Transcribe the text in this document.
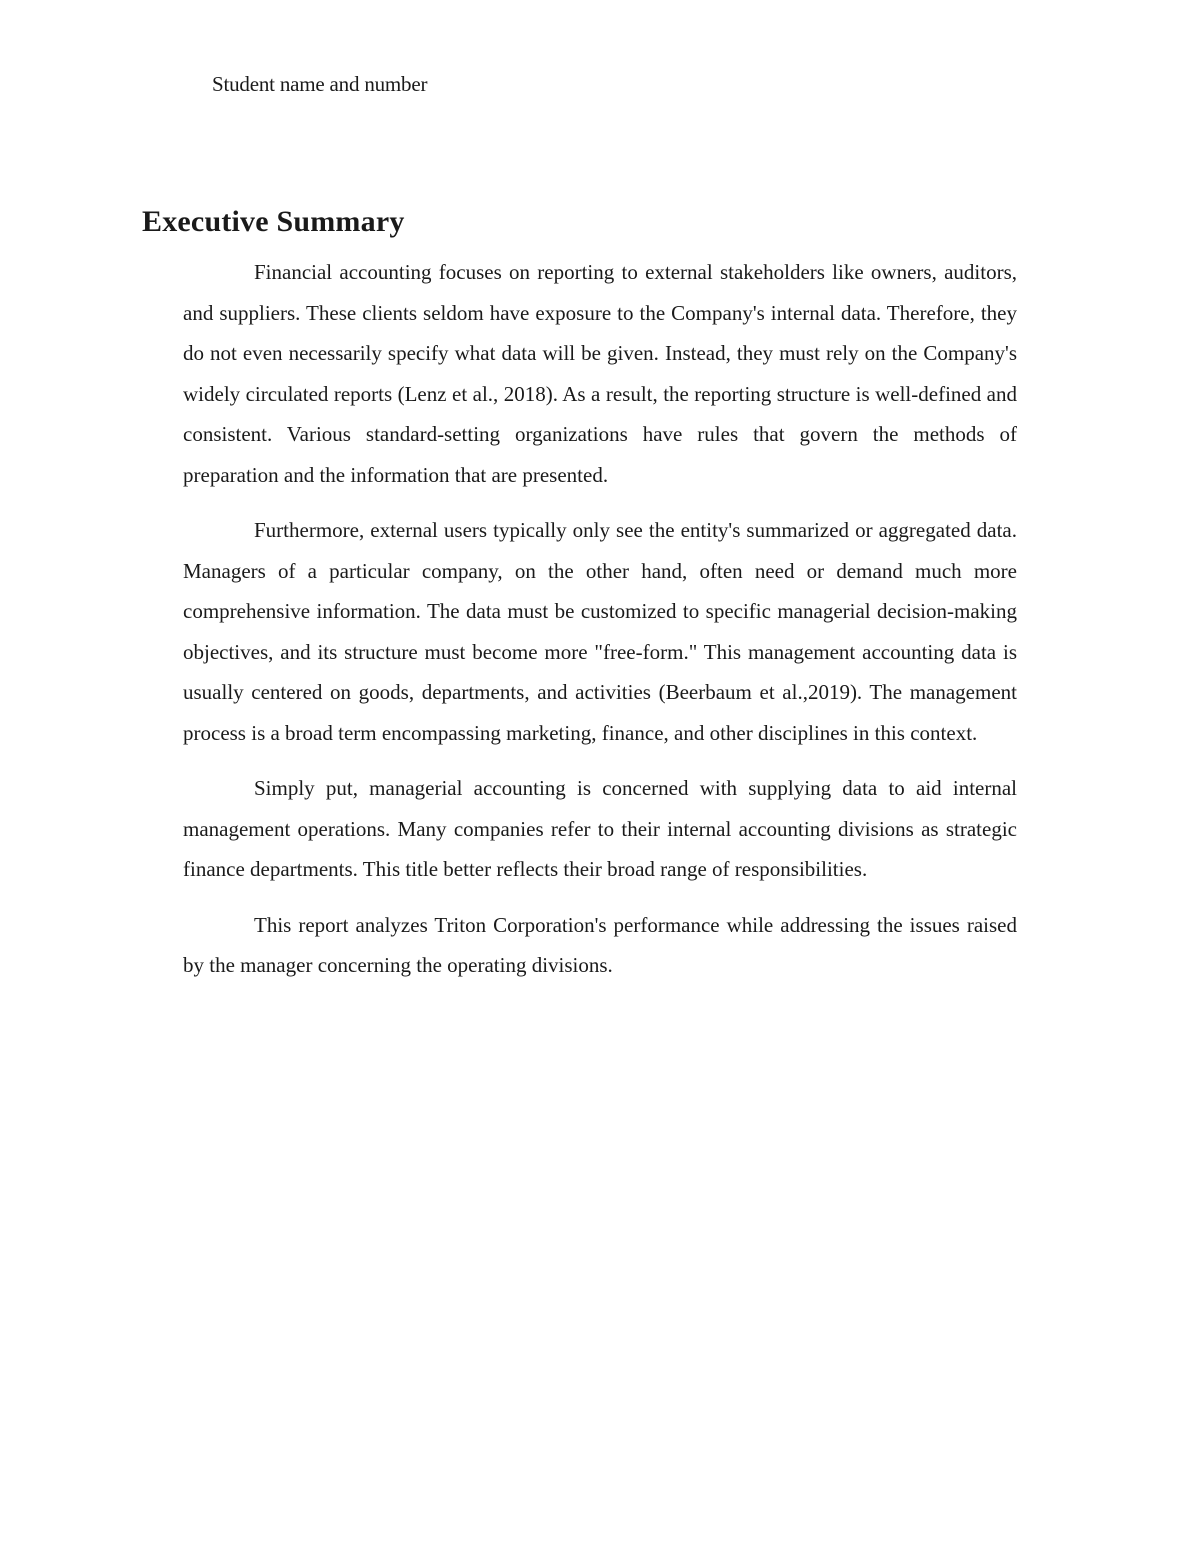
Student name and number
Executive Summary

Financial accounting focuses on reporting to external stakeholders like owners, auditors, and suppliers. These clients seldom have exposure to the Company's internal data. Therefore, they do not even necessarily specify what data will be given. Instead, they must rely on the Company's widely circulated reports (Lenz et al., 2018). As a result, the reporting structure is well-defined and consistent. Various standard-setting organizations have rules that govern the methods of preparation and the information that are presented.

Furthermore, external users typically only see the entity's summarized or aggregated data. Managers of a particular company, on the other hand, often need or demand much more comprehensive information. The data must be customized to specific managerial decision-making objectives, and its structure must become more "free-form." This management accounting data is usually centered on goods, departments, and activities (Beerbaum et al.,2019). The management process is a broad term encompassing marketing, finance, and other disciplines in this context.

Simply put, managerial accounting is concerned with supplying data to aid internal management operations. Many companies refer to their internal accounting divisions as strategic finance departments. This title better reflects their broad range of responsibilities.

This report analyzes Triton Corporation's performance while addressing the issues raised by the manager concerning the operating divisions.
